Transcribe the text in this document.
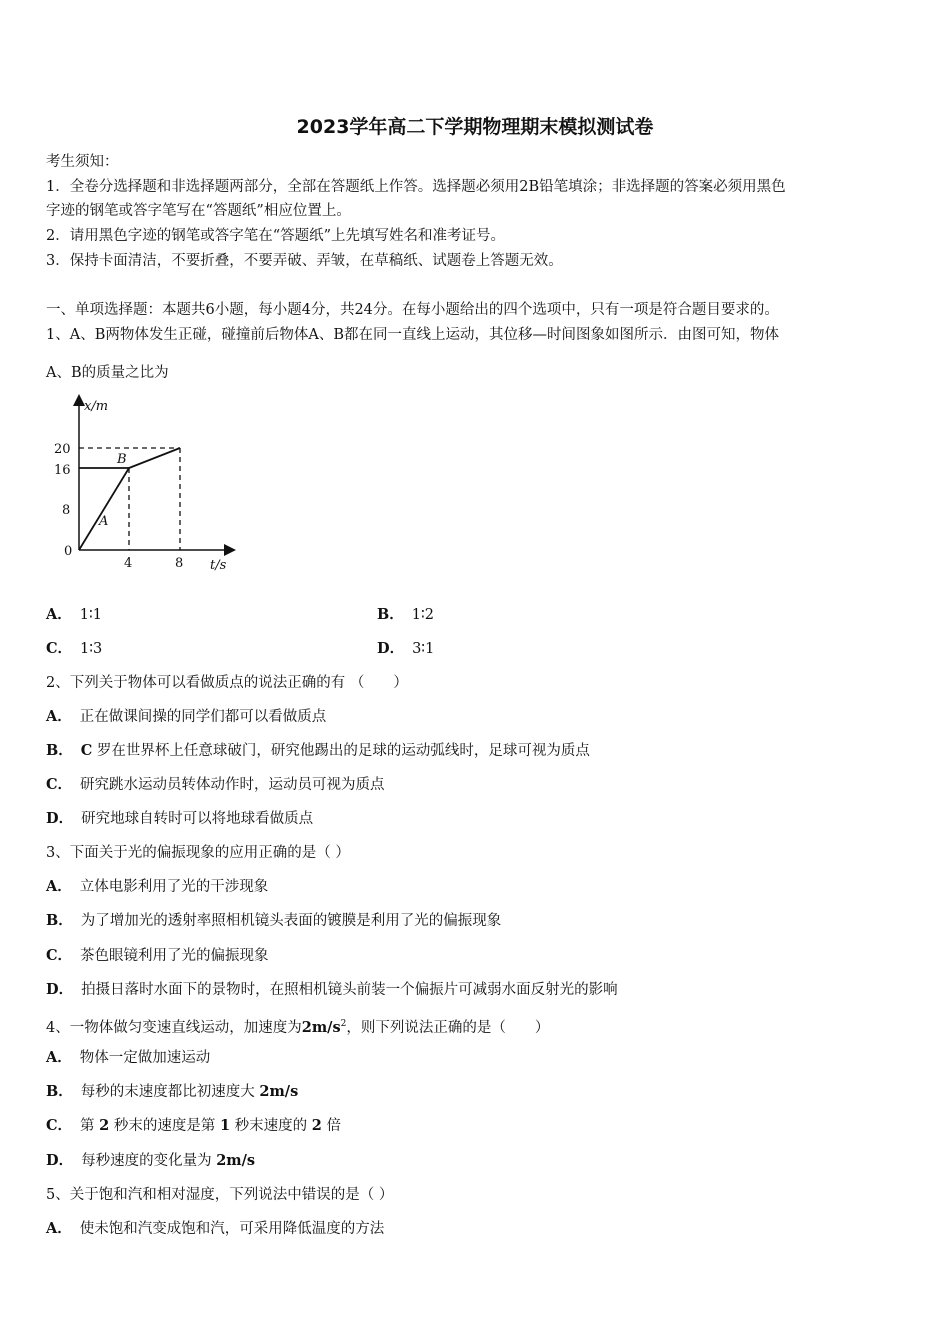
2023学年高二下学期物理期末模拟测试卷
考生须知：
1．全卷分选择题和非选择题两部分，全部在答题纸上作答。选择题必须用2B铅笔填涂；非选择题的答案必须用黑色
字迹的钢笔或答字笔写在“答题纸”相应位置上。
2．请用黑色字迹的钢笔或答字笔在“答题纸”上先填写姓名和准考证号。
3．保持卡面清洁，不要折叠，不要弄破、弄皱，在草稿纸、试题卷上答题无效。
一、单项选择题：本题共6小题，每小题4分，共24分。在每小题给出的四个选项中，只有一项是符合题目要求的。
1、A、B两物体发生正碰，碰撞前后物体A、B都在同一直线上运动，其位移—时间图象如图所示．由图可知，物体
A、B的质量之比为
x/m
t/s
0
20
16
8
4	8
A
B
A． 1∶1	B． 1∶2
C． 1∶3	D． 3∶1
2、下列关于物体可以看做质点的说法正确的有 （　　）
A． 正在做课间操的同学们都可以看做质点
B． C 罗在世界杯上任意球破门，研究他踢出的足球的运动弧线时，足球可视为质点
C． 研究跳水运动员转体动作时，运动员可视为质点
D． 研究地球自转时可以将地球看做质点
3、下面关于光的偏振现象的应用正确的是（ ）
A． 立体电影利用了光的干涉现象
B． 为了增加光的透射率照相机镜头表面的镀膜是利用了光的偏振现象
C． 茶色眼镜利用了光的偏振现象
D． 拍摄日落时水面下的景物时，在照相机镜头前装一个偏振片可减弱水面反射光的影响
4、一物体做匀变速直线运动，加速度为$2m/s^2$，则下列说法正确的是（　　）
A． 物体一定做加速运动
B． 每秒的末速度都比初速度大 2m/s
C． 第 2 秒末的速度是第 1 秒末速度的 2 倍
D． 每秒速度的变化量为 2m/s
5、关于饱和汽和相对湿度，下列说法中错误的是（ ）
A． 使未饱和汽变成饱和汽，可采用降低温度的方法
